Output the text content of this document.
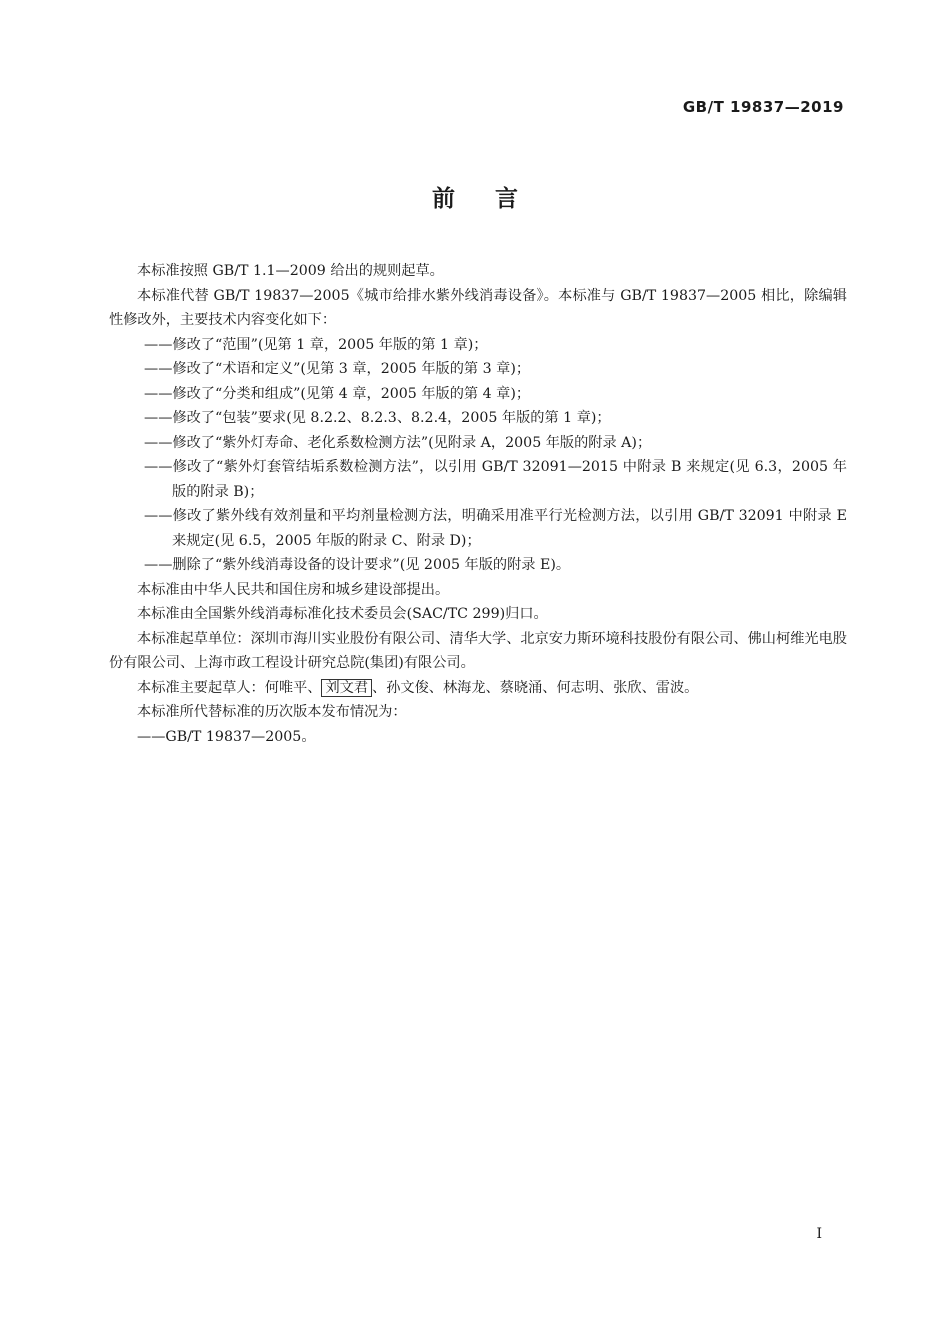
GB/T 19837—2019
前言

本标准按照 GB/T 1.1—2009 给出的规则起草。

本标准代替 GB/T 19837—2005《城市给排水紫外线消毒设备》。本标准与 GB/T 19837—2005 相比，除编辑性修改外，主要技术内容变化如下：

——修改了“范围”(见第 1 章，2005 年版的第 1 章)；

——修改了“术语和定义”(见第 3 章，2005 年版的第 3 章)；

——修改了“分类和组成”(见第 4 章，2005 年版的第 4 章)；

——修改了“包装”要求(见 8.2.2、8.2.3、8.2.4，2005 年版的第 1 章)；

——修改了“紫外灯寿命、老化系数检测方法”(见附录 A，2005 年版的附录 A)；

——修改了“紫外灯套管结垢系数检测方法”，以引用 GB/T 32091—2015 中附录 B 来规定(见 6.3，2005 年版的附录 B)；

——修改了紫外线有效剂量和平均剂量检测方法，明确采用准平行光检测方法，以引用 GB/T 32091 中附录 E 来规定(见 6.5，2005 年版的附录 C、附录 D)；

——删除了“紫外线消毒设备的设计要求”(见 2005 年版的附录 E)。

本标准由中华人民共和国住房和城乡建设部提出。

本标准由全国紫外线消毒标准化技术委员会(SAC/TC 299)归口。

本标准起草单位：深圳市海川实业股份有限公司、清华大学、北京安力斯环境科技股份有限公司、佛山柯维光电股份有限公司、上海市政工程设计研究总院(集团)有限公司。

本标准主要起草人：何唯平、 刘文君 、孙文俊、林海龙、蔡晓涌、何志明、张欣、雷波。

本标准所代替标准的历次版本发布情况为：

——GB/T 19837—2005。

I
